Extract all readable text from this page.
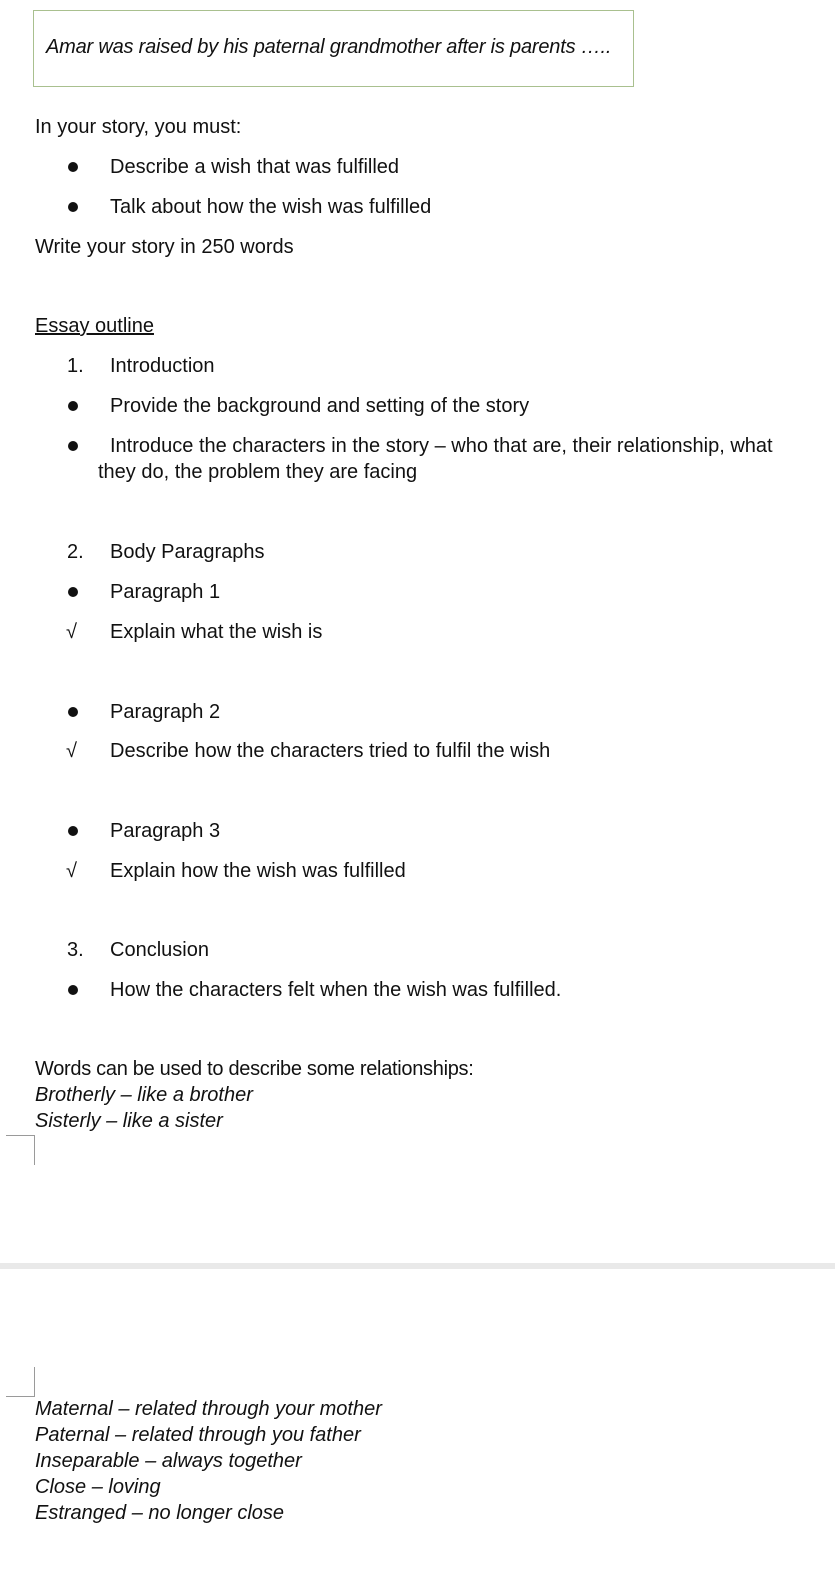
Amar was raised by his paternal grandmother after is parents …..
In your story, you must:
Describe a wish that was fulfilled
Talk about how the wish was fulfilled
Write your story in 250 words
Essay outline
1. Introduction
Provide the background and setting of the story
Introduce the characters in the story – who that are, their relationship, what
they do, the problem they are facing
2. Body Paragraphs
Paragraph 1
√ Explain what the wish is
Paragraph 2
√ Describe how the characters tried to fulfil the wish
Paragraph 3
√ Explain how the wish was fulfilled
3. Conclusion
How the characters felt when the wish was fulfilled.
Words can be used to describe some relationships:
Brotherly – like a brother
Sisterly – like a sister
Maternal – related through your mother
Paternal – related through you father
Inseparable – always together
Close – loving
Estranged – no longer close
